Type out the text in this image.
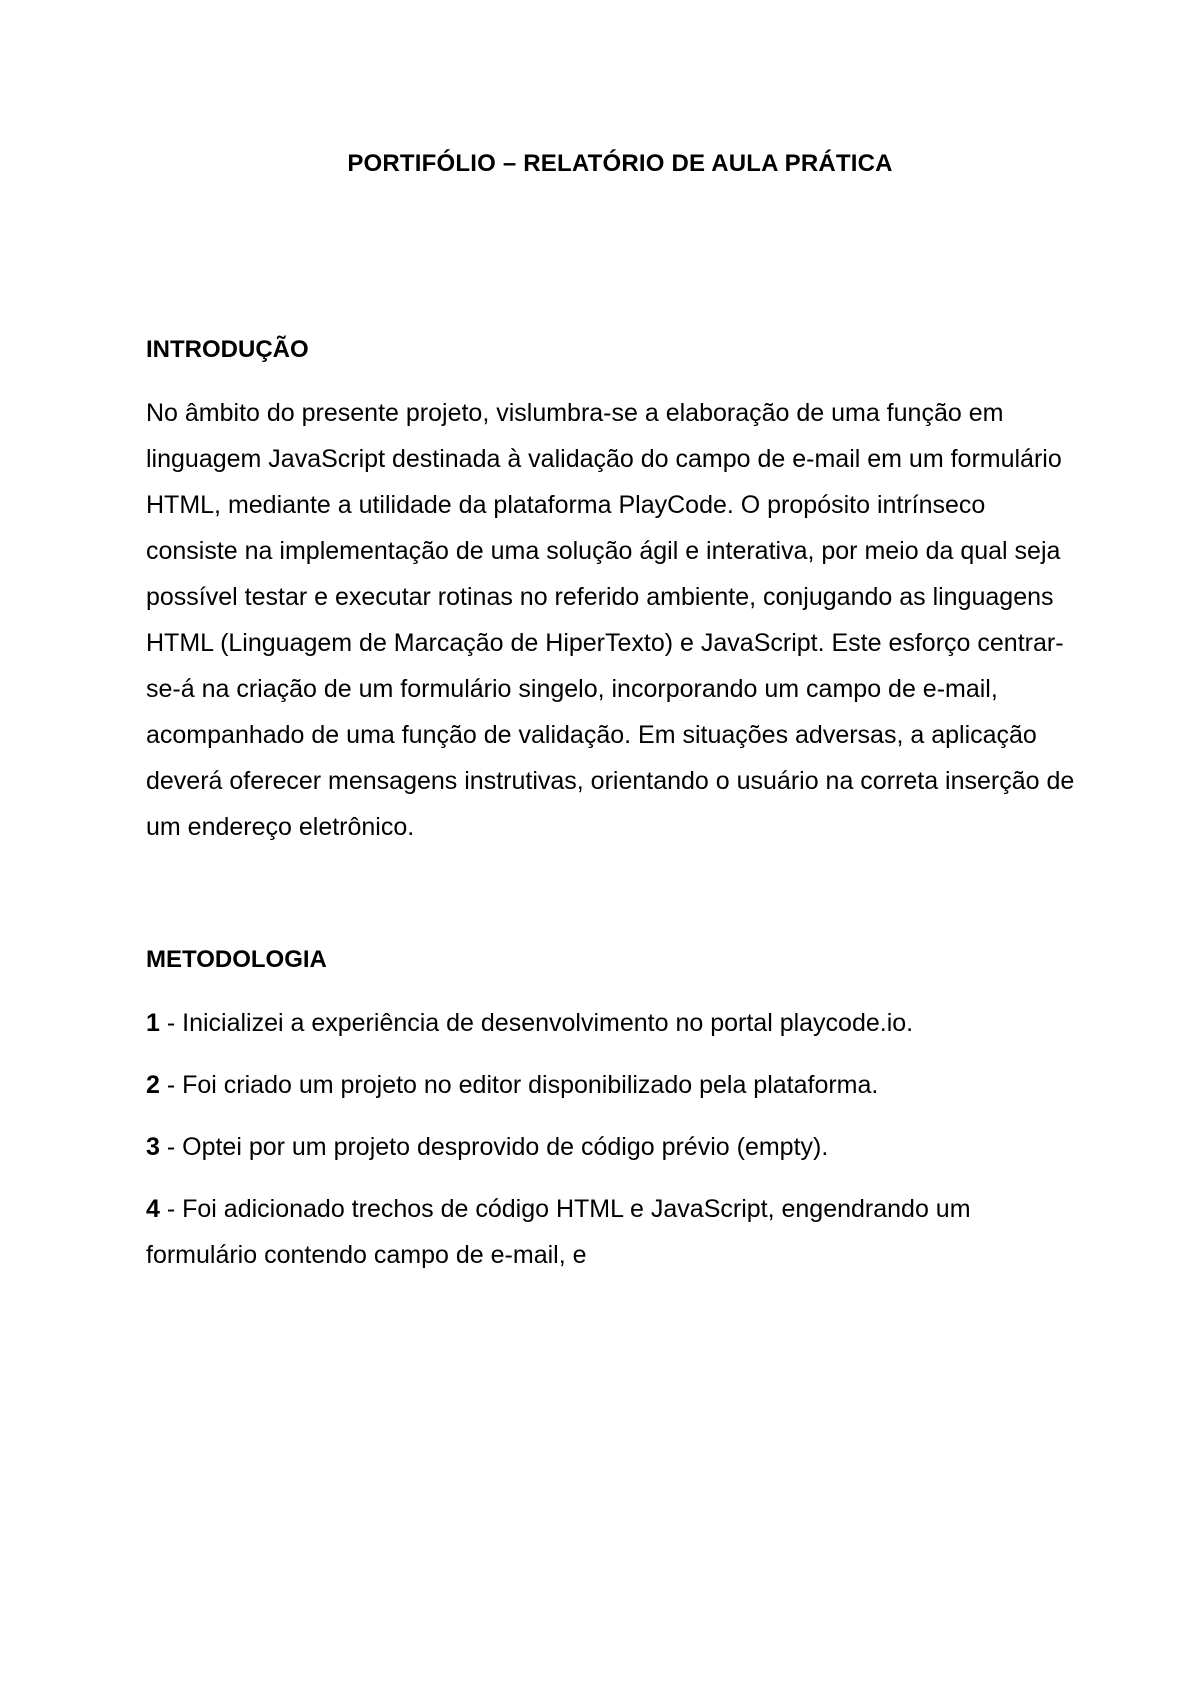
PORTIFÓLIO – RELATÓRIO DE AULA PRÁTICA
INTRODUÇÃO

No âmbito do presente projeto, vislumbra-se a elaboração de uma função em linguagem JavaScript destinada à validação do campo de e-mail em um formulário HTML, mediante a utilidade da plataforma PlayCode. O propósito intrínseco consiste na implementação de uma solução ágil e interativa, por meio da qual seja possível testar e executar rotinas no referido ambiente, conjugando as linguagens HTML (Linguagem de Marcação de HiperTexto) e JavaScript. Este esforço centrar-se-á na criação de um formulário singelo, incorporando um campo de e-mail, acompanhado de uma função de validação. Em situações adversas, a aplicação deverá oferecer mensagens instrutivas, orientando o usuário na correta inserção de um endereço eletrônico.

METODOLOGIA

1 - Inicializei a experiência de desenvolvimento no portal playcode.io.

2 - Foi criado um projeto no editor disponibilizado pela plataforma.

3 - Optei por um projeto desprovido de código prévio (empty).

4 - Foi adicionado trechos de código HTML e JavaScript, engendrando um formulário contendo campo de e-mail, e
